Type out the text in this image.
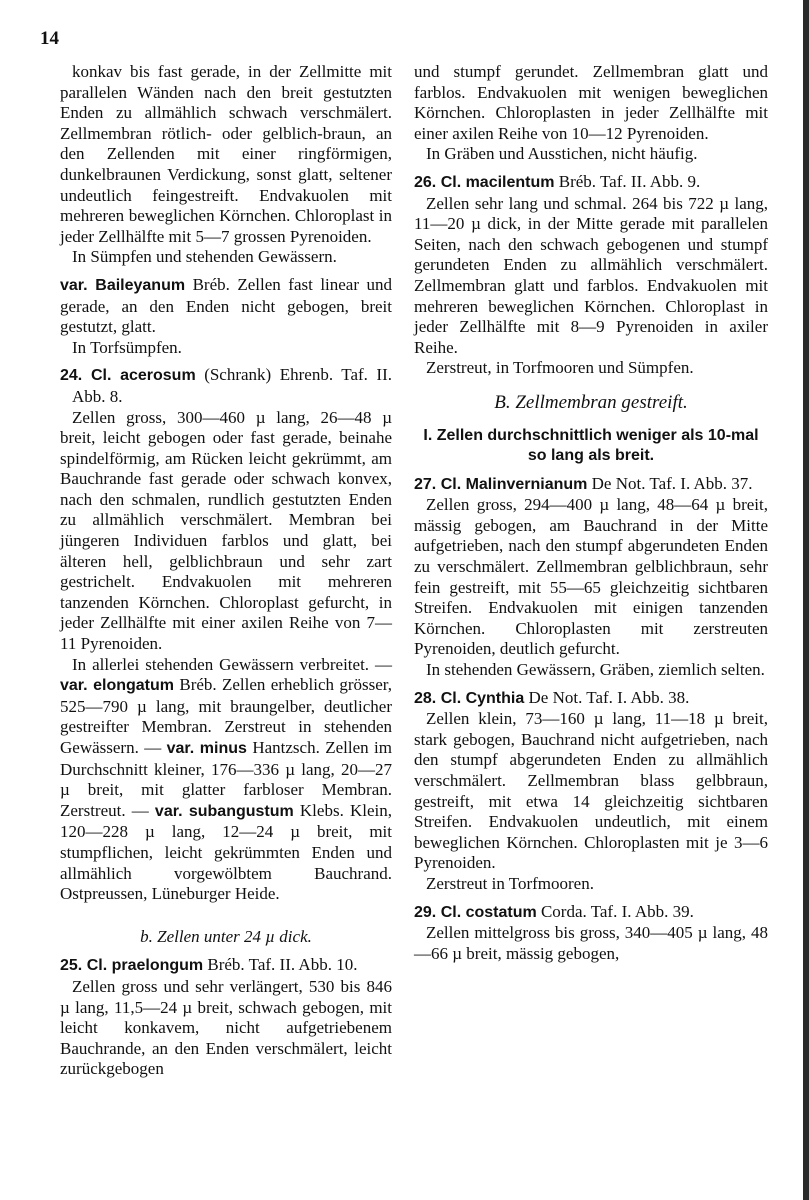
14

konkav bis fast gerade, in der Zellmitte mit parallelen Wänden nach den breit gestutzten Enden zu allmählich schwach verschmälert. Zellmembran rötlich- oder gelblich-braun, an den Zellenden mit einer ringförmigen, dunkelbraunen Verdickung, sonst glatt, seltener undeutlich feingestreift. Endvakuolen mit mehreren beweglichen Körnchen. Chloroplast in jeder Zellhälfte mit 5—7 grossen Pyrenoiden.

In Sümpfen und stehenden Gewässern.

var. Baileyanum Bréb. Zellen fast linear und gerade, an den Enden nicht gebogen, breit gestutzt, glatt.

In Torfsümpfen.

24. Cl. acerosum (Schrank) Ehrenb. Taf. II. Abb. 8.

Zellen gross, 300—460 µ lang, 26—48 µ breit, leicht gebogen oder fast gerade, beinahe spindelförmig, am Rücken leicht gekrümmt, am Bauchrande fast gerade oder schwach konvex, nach den schmalen, rundlich gestutzten Enden zu allmählich verschmälert. Membran bei jüngeren Individuen farblos und glatt, bei älteren hell, gelblichbraun und sehr zart gestrichelt. Endvakuolen mit mehreren tanzenden Körnchen. Chloroplast gefurcht, in jeder Zellhälfte mit einer axilen Reihe von 7—11 Pyrenoiden.

In allerlei stehenden Gewässern verbreitet. — var. elongatum Bréb. Zellen erheblich grösser, 525—790 µ lang, mit braungelber, deutlicher gestreifter Membran. Zerstreut in stehenden Gewässern. — var. minus Hantzsch. Zellen im Durchschnitt kleiner, 176—336 µ lang, 20—27 µ breit, mit glatter farbloser Membran. Zerstreut. — var. subangustum Klebs. Klein, 120—228 µ lang, 12—24 µ breit, mit stumpflichen, leicht gekrümmten Enden und allmählich vorgewölbtem Bauchrand. Ostpreussen, Lüneburger Heide.

b. Zellen unter 24 µ dick.

25. Cl. praelongum Bréb. Taf. II. Abb. 10.

Zellen gross und sehr verlängert, 530 bis 846 µ lang, 11,5—24 µ breit, schwach gebogen, mit leicht konkavem, nicht aufgetriebenem Bauchrande, an den Enden verschmälert, leicht zurückgebogen

und stumpf gerundet. Zellmembran glatt und farblos. Endvakuolen mit wenigen beweglichen Körnchen. Chloroplasten in jeder Zellhälfte mit einer axilen Reihe von 10—12 Pyrenoiden.

In Gräben und Ausstichen, nicht häufig.

26. Cl. macilentum Bréb. Taf. II. Abb. 9.

Zellen sehr lang und schmal. 264 bis 722 µ lang, 11—20 µ dick, in der Mitte gerade mit parallelen Seiten, nach den schwach gebogenen und stumpf gerundeten Enden zu allmählich verschmälert. Zellmembran glatt und farblos. Endvakuolen mit mehreren beweglichen Körnchen. Chloroplast in jeder Zellhälfte mit 8—9 Pyrenoiden in axiler Reihe.

Zerstreut, in Torfmooren und Sümpfen.

B. Zellmembran gestreift.

I. Zellen durchschnittlich weniger als 10-mal so lang als breit.

27. Cl. Malinvernianum De Not. Taf. I. Abb. 37.

Zellen gross, 294—400 µ lang, 48—64 µ breit, mässig gebogen, am Bauchrand in der Mitte aufgetrieben, nach den stumpf abgerundeten Enden zu verschmälert. Zellmembran gelblichbraun, sehr fein gestreift, mit 55—65 gleichzeitig sichtbaren Streifen. Endvakuolen mit einigen tanzenden Körnchen. Chloroplasten mit zerstreuten Pyrenoiden, deutlich gefurcht.

In stehenden Gewässern, Gräben, ziemlich selten.

28. Cl. Cynthia De Not. Taf. I. Abb. 38.

Zellen klein, 73—160 µ lang, 11—18 µ breit, stark gebogen, Bauchrand nicht aufgetrieben, nach den stumpf abgerundeten Enden zu allmählich verschmälert. Zellmembran blass gelbbraun, gestreift, mit etwa 14 gleichzeitig sichtbaren Streifen. Endvakuolen undeutlich, mit einem beweglichen Körnchen. Chloroplasten mit je 3—6 Pyrenoiden.

Zerstreut in Torfmooren.

29. Cl. costatum Corda. Taf. I. Abb. 39.

Zellen mittelgross bis gross, 340—405 µ lang, 48—66 µ breit, mässig gebogen,
